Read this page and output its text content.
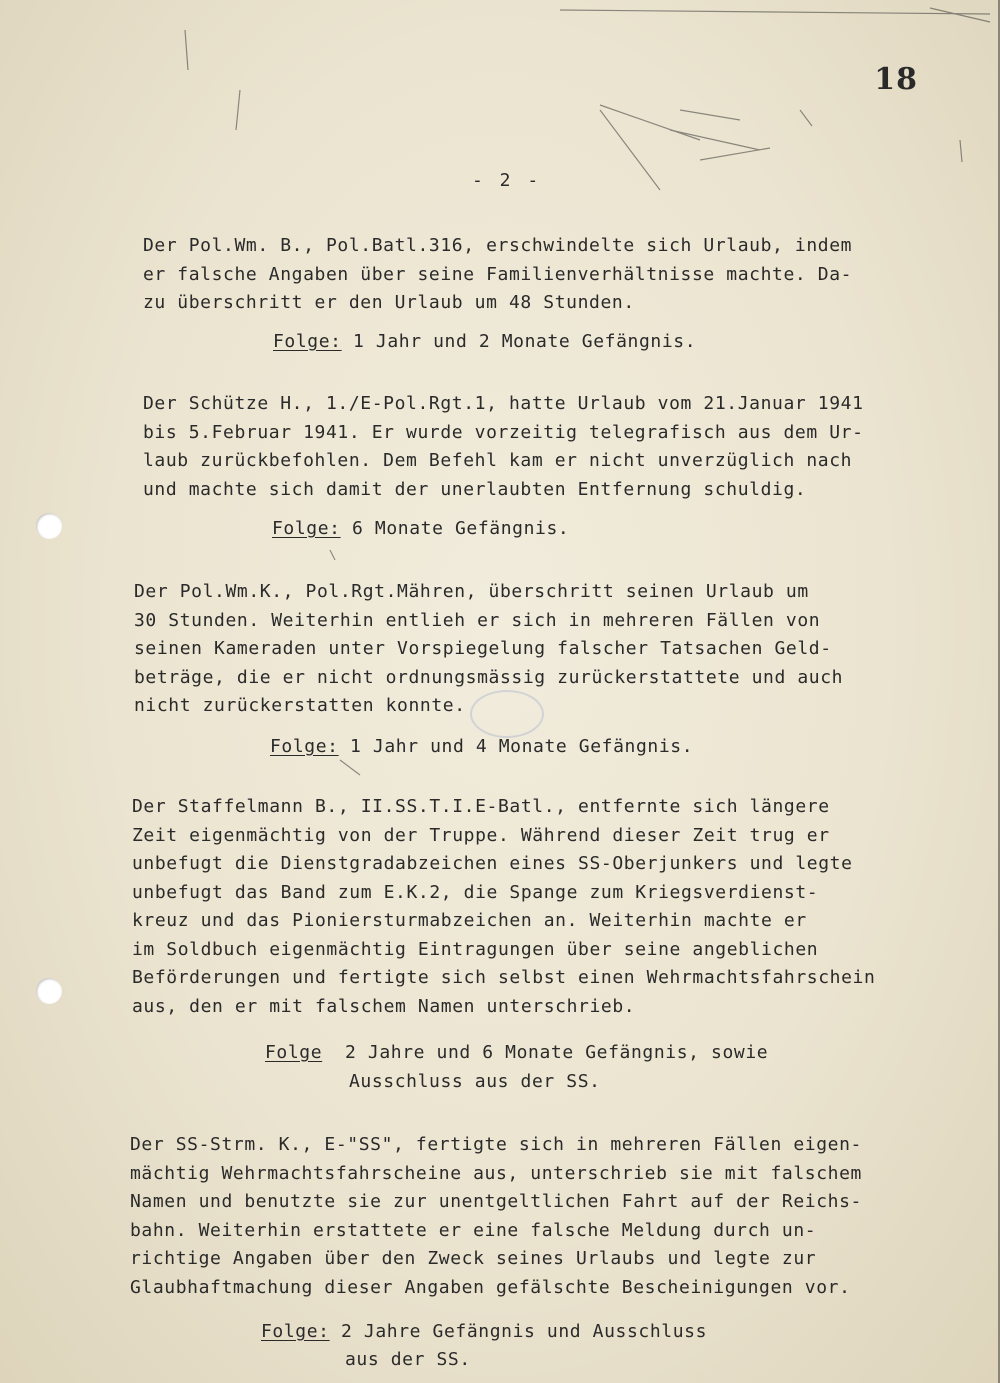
18
- 2 -
Der Pol.Wm. B., Pol.Batl.316, erschwindelte sich Urlaub, indem
er falsche Angaben über seine Familienverhältnisse machte. Da-
zu überschritt er den Urlaub um 48 Stunden.
Folge: 1 Jahr und 2 Monate Gefängnis.
Der Schütze H., 1./E-Pol.Rgt.1, hatte Urlaub vom 21.Januar 1941
bis 5.Februar 1941. Er wurde vorzeitig telegrafisch aus dem Ur-
laub zurückbefohlen. Dem Befehl kam er nicht unverzüglich nach
und machte sich damit der unerlaubten Entfernung schuldig.
Folge: 6 Monate Gefängnis.
Der Pol.Wm.K., Pol.Rgt.Mähren, überschritt seinen Urlaub um
30 Stunden. Weiterhin entlieh er sich in mehreren Fällen von
seinen Kameraden unter Vorspiegelung falscher Tatsachen Geld-
beträge, die er nicht ordnungsmässig zurückerstattete und auch
nicht zurückerstatten konnte.
Folge: 1 Jahr und 4 Monate Gefängnis.
Der Staffelmann B., II.SS.T.I.E-Batl., entfernte sich längere
Zeit eigenmächtig von der Truppe. Während dieser Zeit trug er
unbefugt die Dienstgradabzeichen eines SS-Oberjunkers und legte
unbefugt das Band zum E.K.2, die Spange zum Kriegsverdienst-
kreuz und das Pioniersturmabzeichen an. Weiterhin machte er
im Soldbuch eigenmächtig Eintragungen über seine angeblichen
Beförderungen und fertigte sich selbst einen Wehrmachtsfahrschein
aus, den er mit falschem Namen unterschrieb.
Folge  2 Jahre und 6 Monate Gefängnis, sowie
Ausschluss aus der SS.
Der SS-Strm. K., E-"SS", fertigte sich in mehreren Fällen eigen-
mächtig Wehrmachtsfahrscheine aus, unterschrieb sie mit falschem
Namen und benutzte sie zur unentgeltlichen Fahrt auf der Reichs-
bahn. Weiterhin erstattete er eine falsche Meldung durch un-
richtige Angaben über den Zweck seines Urlaubs und legte zur
Glaubhaftmachung dieser Angaben gefälschte Bescheinigungen vor.
Folge: 2 Jahre Gefängnis und Ausschluss
aus der SS.
